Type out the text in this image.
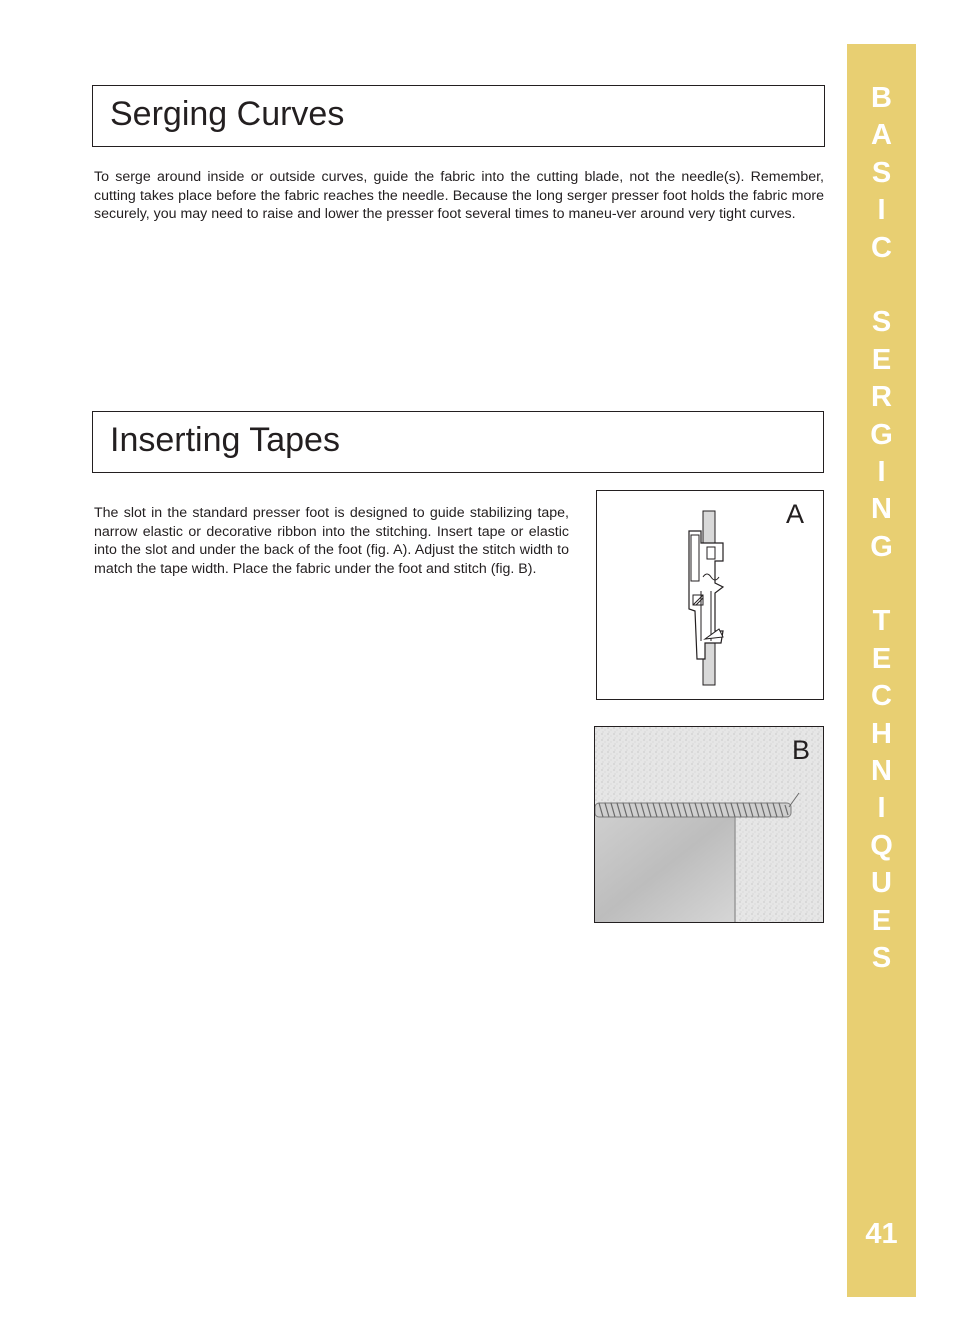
Serging Curves

To serge around inside or outside curves, guide the fabric into the cutting blade, not the needle(s). Remember, cutting takes place before the fabric reaches the needle. Because the long serger presser foot holds the fabric more securely, you may need to raise and lower the presser foot several times to maneu-ver around very tight curves.

Inserting Tapes

The slot in the standard presser foot is designed to guide stabilizing tape, narrow elastic or decorative ribbon into the stitching. Insert tape or elastic into the slot and under the back of the foot (fig. A). Adjust the stitch width to match the tape width. Place the fabric under the foot and stitch (fig. B).

A
B
B
A
S
I
C
S
E
R
G
I
N
G
T
E
C
H
N
I
Q
U
E
S
41
